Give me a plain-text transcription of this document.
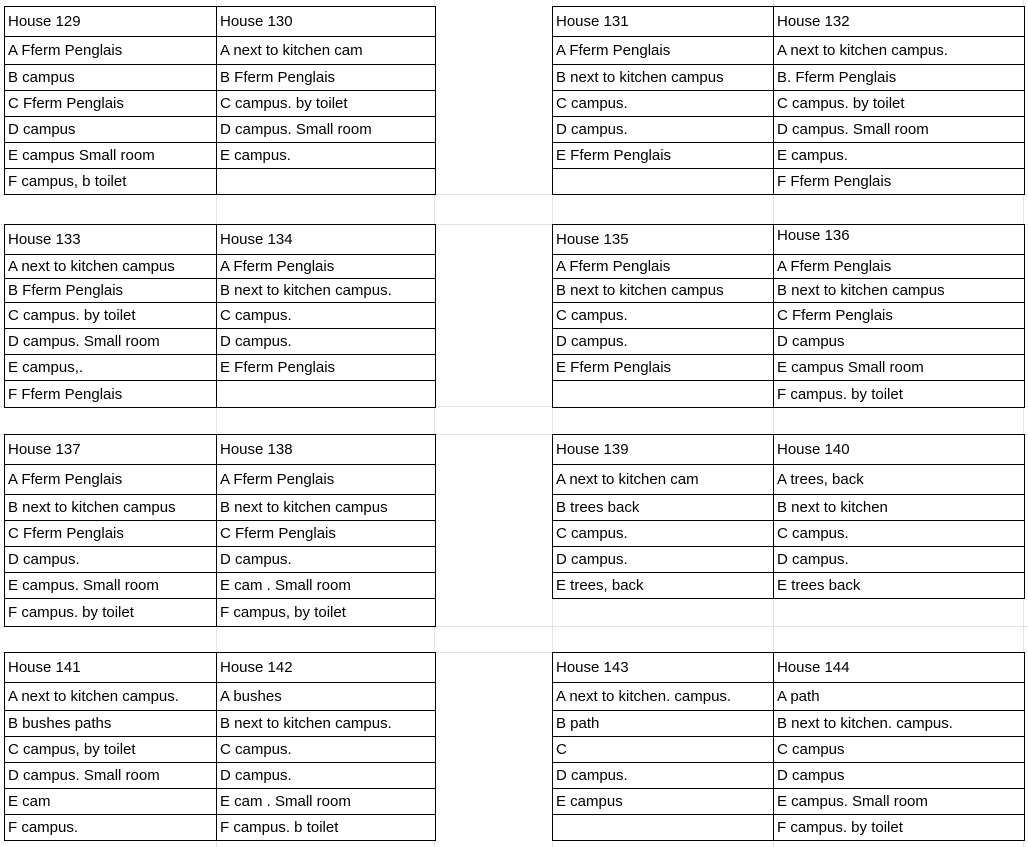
House 129	House 130
A Fferm Penglais	A next to kitchen cam
B campus	B Fferm Penglais
C Fferm Penglais	C campus. by toilet
D campus	D campus. Small room
E campus Small room	E campus.
F campus, b toilet	
House 131	House 132
A Fferm Penglais	A next to kitchen campus.
B next to kitchen campus	B. Fferm Penglais
C campus.	C campus. by toilet
D campus.	D campus. Small room
E Fferm Penglais	E campus.
	F Fferm Penglais
House 133	House 134
A next to kitchen campus	A Fferm Penglais
B Fferm Penglais	B next to kitchen campus.
C campus. by toilet	C campus.
D campus. Small room	D campus.
E campus,.	E Fferm Penglais
F Fferm Penglais	
House 135	House 136
A Fferm Penglais	A Fferm Penglais
B next to kitchen campus	B next to kitchen campus
C campus.	C Fferm Penglais
D campus.	D campus
E Fferm Penglais	E campus Small room
	F campus. by toilet
House 137	House 138
A Fferm Penglais	A Fferm Penglais
B next to kitchen campus	B next to kitchen campus
C Fferm Penglais	C Fferm Penglais
D campus.	D campus.
E campus. Small room	E cam . Small room
F campus. by toilet	F campus, by toilet
House 139	House 140
A next to kitchen cam	A trees, back
B trees back	B next to kitchen
C campus.	C campus.
D campus.	D campus.
E trees, back	E trees back
House 141	House 142
A next to kitchen campus.	A bushes
B bushes paths	B next to kitchen campus.
C campus, by toilet	C campus.
D campus. Small room	D campus.
E cam	E cam . Small room
F campus.	F campus. b toilet
House 143	House 144
A next to kitchen. campus.	A path
B path	B next to kitchen. campus.
C	C campus
D campus.	D campus
E campus	E campus. Small room
	F campus. by toilet
